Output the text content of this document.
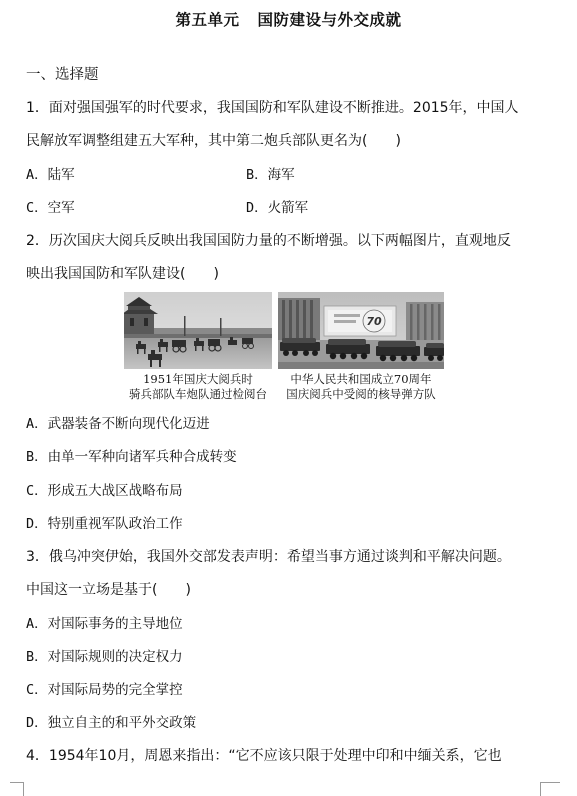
第五单元 国防建设与外交成就
一、选择题
1．面对强国强军的时代要求，我国国防和军队建设不断推进。2015年，中国人
民解放军调整组建五大军种，其中第二炮兵部队更名为(　　)
A．陆军	B．海军
C．空军	D．火箭军
2．历次国庆大阅兵反映出我国国防力量的不断增强。以下两幅图片，直观地反
映出我国国防和军队建设(　　)
70
1951年国庆大阅兵时
骑兵部队车炮队通过检阅台
中华人民共和国成立70周年
国庆阅兵中受阅的核导弹方队
A．武器装备不断向现代化迈进
B．由单一军种向诸军兵种合成转变
C．形成五大战区战略布局
D．特别重视军队政治工作
3．俄乌冲突伊始，我国外交部发表声明：希望当事方通过谈判和平解决问题。
中国这一立场是基于(　　)
A．对国际事务的主导地位
B．对国际规则的决定权力
C．对国际局势的完全掌控
D．独立自主的和平外交政策
4．1954年10月，周恩来指出：“它不应该只限于处理中印和中缅关系，它也
